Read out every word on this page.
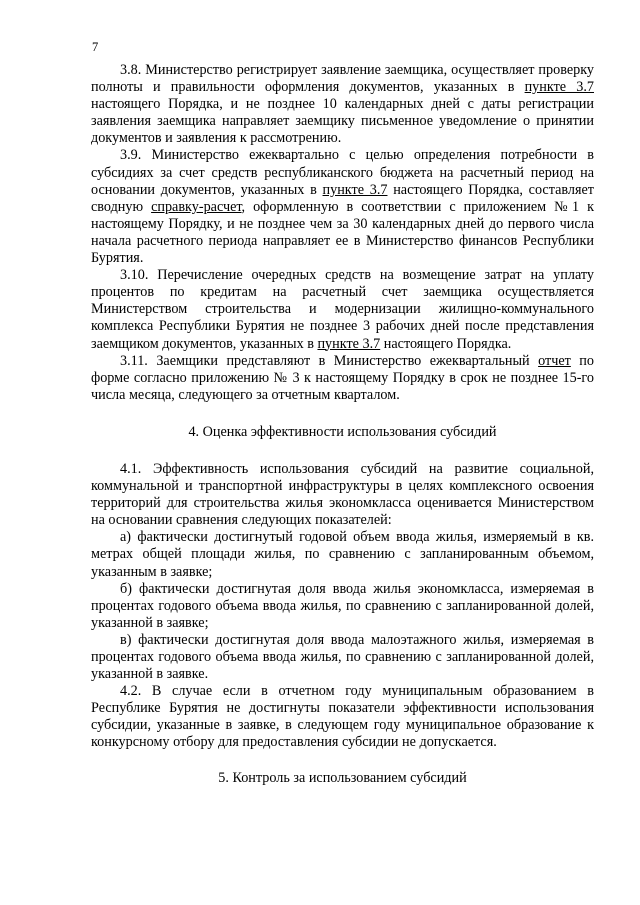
7

3.8. Министерство регистрирует заявление заемщика, осуществляет проверку полноты и правильности оформления документов, указанных в пункте 3.7 настоящего Порядка, и не позднее 10 календарных дней с даты регистрации заявления заемщика направляет заемщику письменное уведомление о принятии документов и заявления к рассмотрению.

3.9. Министерство ежеквартально с целью определения потребности в субсидиях за счет средств республиканского бюджета на расчетный период на основании документов, указанных в пункте 3.7 настоящего Порядка, составляет сводную справку-расчет, оформленную в соответствии с приложением №1 к настоящему Порядку, и не позднее чем за 30 календарных дней до первого числа начала расчетного периода направляет ее в Министерство финансов Республики Бурятия.

3.10. Перечисление очередных средств на возмещение затрат на уплату процентов по кредитам на расчетный счет заемщика осуществляется Министерством строительства и модернизации жилищно-коммунального комплекса Республики Бурятия не позднее 3 рабочих дней после представления заемщиком документов, указанных в пункте 3.7 настоящего Порядка.

3.11. Заемщики представляют в Министерство ежеквартальный отчет по форме согласно приложению № 3 к настоящему Порядку в срок не позднее 15-го числа месяца, следующего за отчетным кварталом.

4. Оценка эффективности использования субсидий

4.1. Эффективность использования субсидий на развитие социальной, коммунальной и транспортной инфраструктуры в целях комплексного освоения территорий для строительства жилья экономкласса оценивается Министерством на основании сравнения следующих показателей:

а) фактически достигнутый годовой объем ввода жилья, измеряемый в кв. метрах общей площади жилья, по сравнению с запланированным объемом, указанным в заявке;

б) фактически достигнутая доля ввода жилья экономкласса, измеряемая в процентах годового объема ввода жилья, по сравнению с запланированной долей, указанной в заявке;

в) фактически достигнутая доля ввода малоэтажного жилья, измеряемая в процентах годового объема ввода жилья, по сравнению с запланированной долей, указанной в заявке.

4.2. В случае если в отчетном году муниципальным образованием в Республике Бурятия не достигнуты показатели эффективности использования субсидии, указанные в заявке, в следующем году муниципальное образование к конкурсному отбору для предоставления субсидии не допускается.

5. Контроль за использованием субсидий
